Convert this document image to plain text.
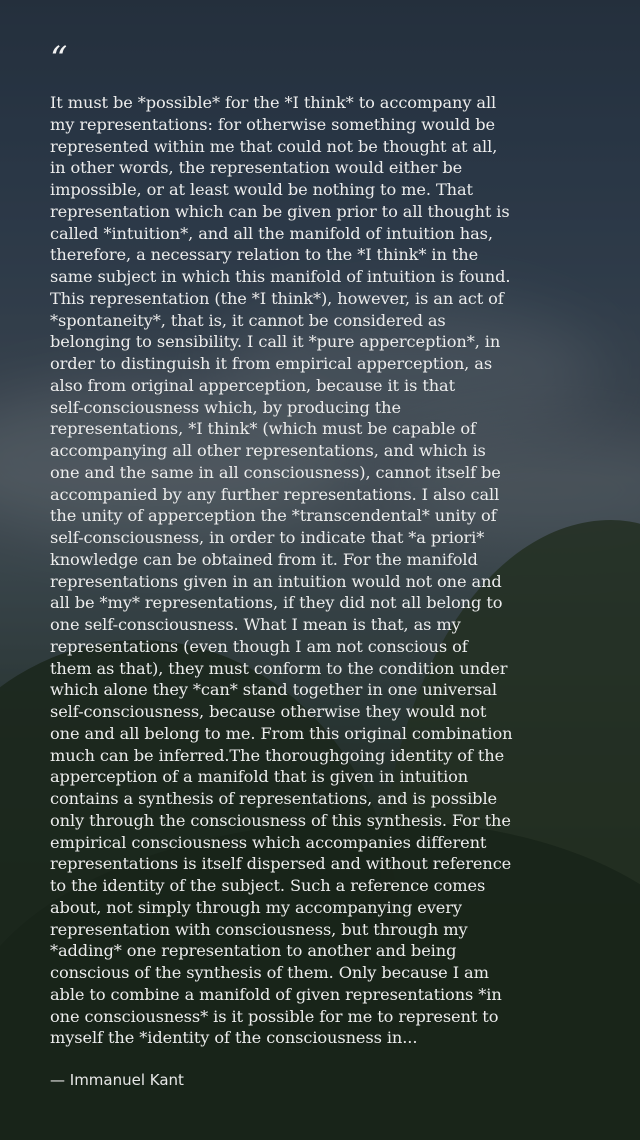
“

It must be *possible* for the *I think* to accompany all
my representations: for otherwise something would be
represented within me that could not be thought at all,
in other words, the representation would either be
impossible, or at least would be nothing to me. That
representation which can be given prior to all thought is
called *intuition*, and all the manifold of intuition has,
therefore, a necessary relation to the *I think* in the
same subject in which this manifold of intuition is found.
This representation (the *I think*), however, is an act of
*spontaneity*, that is, it cannot be considered as
belonging to sensibility. I call it *pure apperception*, in
order to distinguish it from empirical apperception, as
also from original apperception, because it is that
self-consciousness which, by producing the
representations, *I think* (which must be capable of
accompanying all other representations, and which is
one and the same in all consciousness), cannot itself be
accompanied by any further representations. I also call
the unity of apperception the *transcendental* unity of
self-consciousness, in order to indicate that *a priori*
knowledge can be obtained from it. For the manifold
representations given in an intuition would not one and
all be *my* representations, if they did not all belong to
one self-consciousness. What I mean is that, as my
representations (even though I am not conscious of
them as that), they must conform to the condition under
which alone they *can* stand together in one universal
self-consciousness, because otherwise they would not
one and all belong to me. From this original combination
much can be inferred.The thoroughgoing identity of the
apperception of a manifold that is given in intuition
contains a synthesis of representations, and is possible
only through the consciousness of this synthesis. For the
empirical consciousness which accompanies different
representations is itself dispersed and without reference
to the identity of the subject. Such a reference comes
about, not simply through my accompanying every
representation with consciousness, but through my
*adding* one representation to another and being
conscious of the synthesis of them. Only because I am
able to combine a manifold of given representations *in
one consciousness* is it possible for me to represent to
myself the *identity of the consciousness in...

— Immanuel Kant
